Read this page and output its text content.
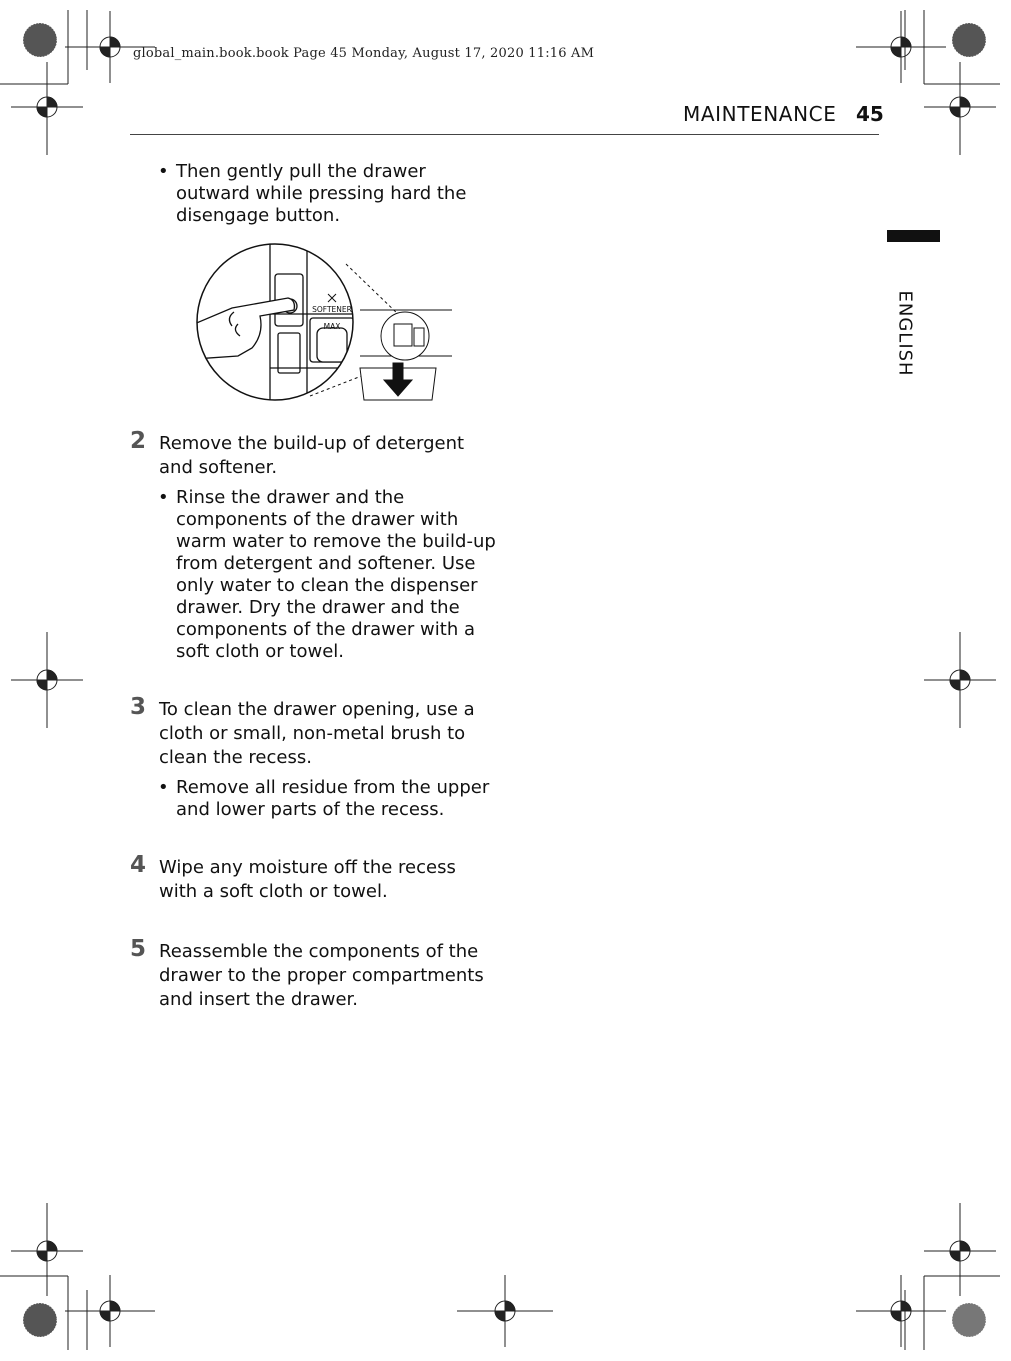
global_main.book.book Page 45 Monday, August 17, 2020 11:16 AM
MAINTENANCE 45
ENGLISH
• Then gently pull the drawer outward while pressing hard the disengage button.
SOFTENER
MAX
2 Remove the build-up of detergent and softener.
• Rinse the drawer and the components of the drawer with warm water to remove the build-up from detergent and softener. Use only water to clean the dispenser drawer. Dry the drawer and the components of the drawer with a soft cloth or towel.
3 To clean the drawer opening, use a cloth or small, non-metal brush to clean the recess.
• Remove all residue from the upper and lower parts of the recess.
4 Wipe any moisture off the recess with a soft cloth or towel.
5 Reassemble the components of the drawer to the proper compartments and insert the drawer.
